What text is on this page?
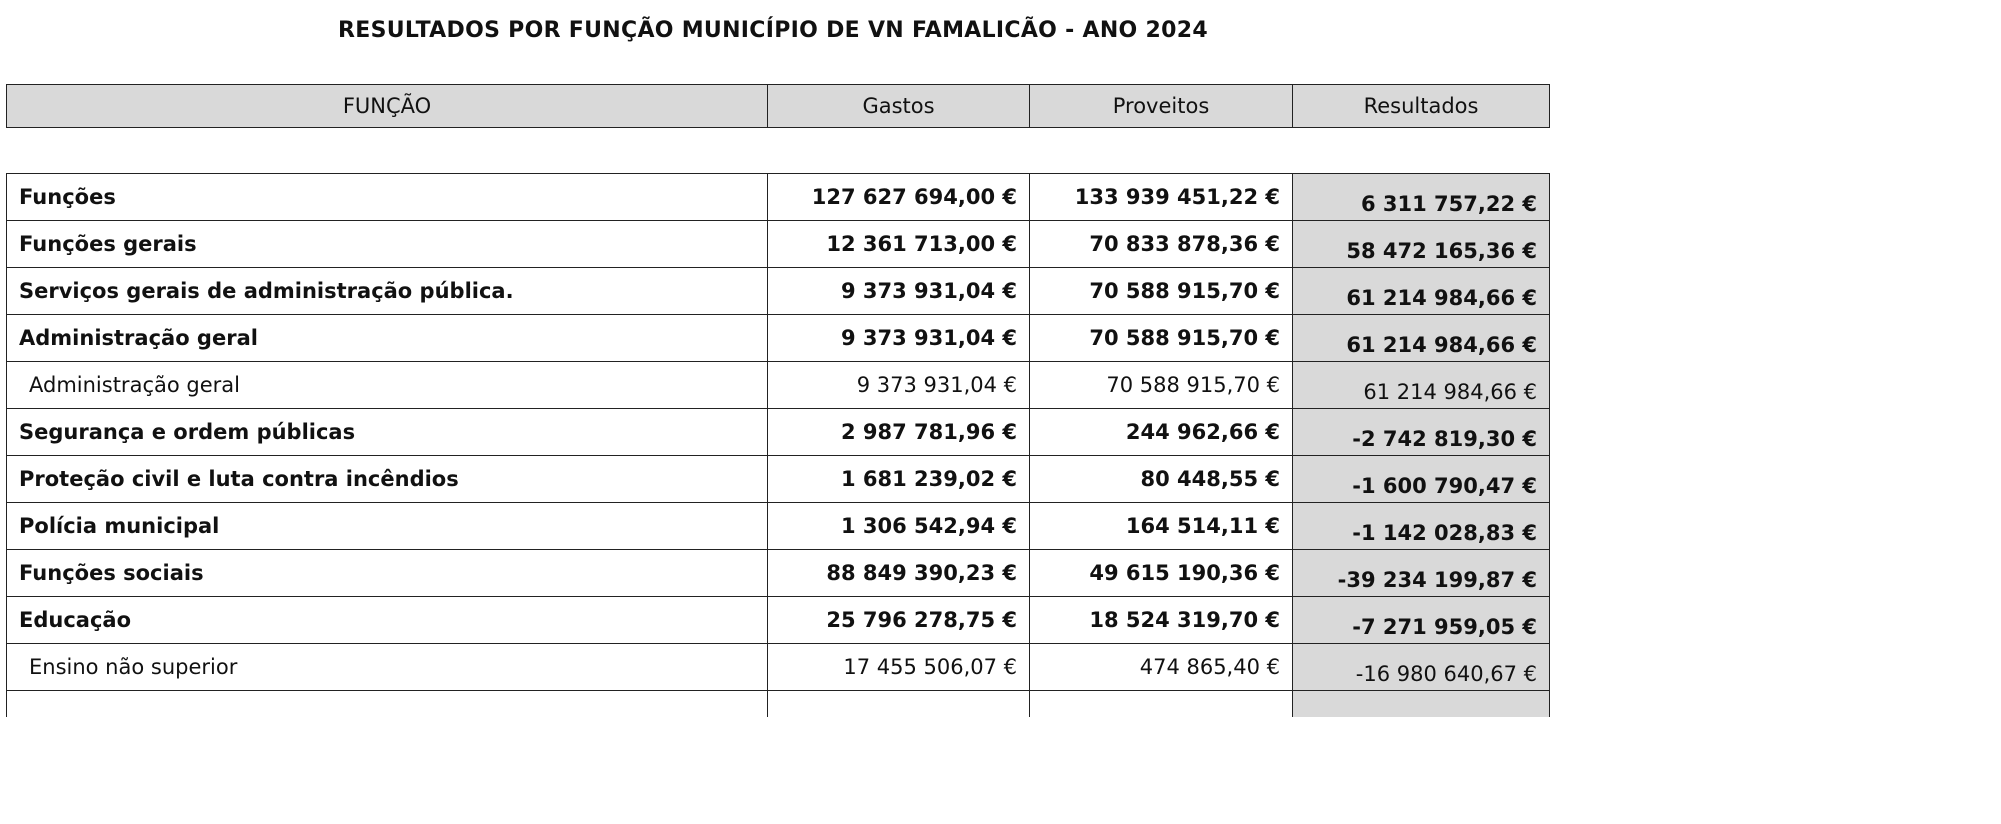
RESULTADOS POR FUNÇÃO MUNICÍPIO DE VN FAMALICÃO - ANO 2024
FUNÇÃO	Gastos	Proveitos	Resultados
Funções	127 627 694,00 €	133 939 451,22 €	6 311 757,22 €
Funções gerais	12 361 713,00 €	70 833 878,36 €	58 472 165,36 €
Serviços gerais de administração pública.	9 373 931,04 €	70 588 915,70 €	61 214 984,66 €
Administração geral	9 373 931,04 €	70 588 915,70 €	61 214 984,66 €
Administração geral	9 373 931,04 €	70 588 915,70 €	61 214 984,66 €
Segurança e ordem públicas	2 987 781,96 €	244 962,66 €	-2 742 819,30 €
Proteção civil e luta contra incêndios	1 681 239,02 €	80 448,55 €	-1 600 790,47 €
Polícia municipal	1 306 542,94 €	164 514,11 €	-1 142 028,83 €
Funções sociais	88 849 390,23 €	49 615 190,36 €	-39 234 199,87 €
Educação	25 796 278,75 €	18 524 319,70 €	-7 271 959,05 €
Ensino não superior	17 455 506,07 €	474 865,40 €	-16 980 640,67 €
